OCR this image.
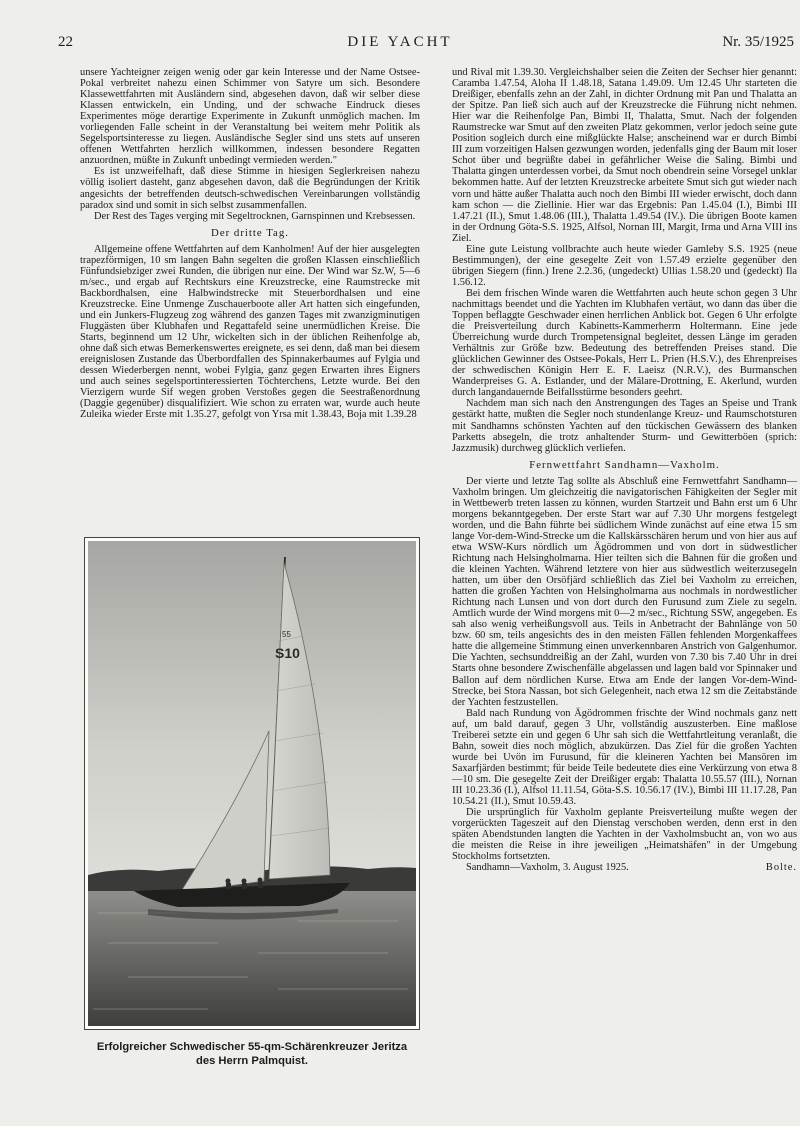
22	DIE YACHT	Nr. 35/1925

unsere Yachteigner zeigen wenig oder gar kein Interesse und der Name Ostsee-Pokal verbreitet nahezu einen Schimmer von Satyre um sich. Besondere Klassewettfahrten mit Ausländern sind, abgesehen davon, daß wir selber diese Klassen entwickeln, ein Unding, und der schwache Eindruck dieses Experimentes möge derartige Experimente in Zukunft unmöglich machen. Im vorliegenden Falle scheint in der Veranstaltung bei weitem mehr Politik als Segelsportsinteresse zu liegen. Ausländische Segler sind uns stets auf unseren offenen Wettfahrten herzlich willkommen, indessen besondere Regatten anzuordnen, müßte in Zukunft unbedingt vermieden werden."

Es ist unzweifelhaft, daß diese Stimme in hiesigen Seglerkreisen nahezu völlig isoliert dasteht, ganz abgesehen davon, daß die Begründungen der Kritik angesichts der betreffenden deutsch-schwedischen Vereinbarungen vollständig paradox sind und somit in sich selbst zusammenfallen.

Der Rest des Tages verging mit Segeltrocknen, Garnspinnen und Krebsessen.

Der dritte Tag.

Allgemeine offene Wettfahrten auf dem Kanholmen! Auf der hier ausgelegten trapezförmigen, 10 sm langen Bahn segelten die großen Klassen einschließlich Fünfundsiebziger zwei Runden, die übrigen nur eine. Der Wind war Sz.W, 5—6 m/sec., und ergab auf Rechtskurs eine Kreuzstrecke, eine Raumstrecke mit Backbordhalsen, eine Halbwindstrecke mit Steuerbordhalsen und eine Kreuzstrecke. Eine Unmenge Zuschauerboote aller Art hatten sich eingefunden, und ein Junkers-Flugzeug zog während des ganzen Tages mit zwanzigminutigen Fluggästen über Klubhafen und Regattafeld seine unermüdlichen Kreise. Die Starts, beginnend um 12 Uhr, wickelten sich in der üblichen Reihenfolge ab, ohne daß sich etwas Bemerkenswertes ereignete, es sei denn, daß man bei diesem ereignislosen Zustande das Überbordfallen des Spinnakerbaumes auf Fylgia und dessen Wiederbergen nennt, wobei Fylgia, ganz gegen Erwarten ihres Eigners und auch seines segelsportinteressierten Töchterchens, Letzte wurde. Bei den Vierzigern wurde Sif wegen groben Verstoßes gegen die Seestraßenordnung (Daggie gegenüber) disqualifiziert. Wie schon zu erraten war, wurde auch heute Zuleika wieder Erste mit 1.35.27, gefolgt von Yrsa mit 1.38.43, Boja mit 1.39.28

55
S10
Erfolgreicher Schwedischer 55-qm-Schärenkreuzer Jeritza
des Herrn Palmquist.

und Rival mit 1.39.30. Vergleichshalber seien die Zeiten der Sechser hier genannt: Caramba 1.47.54, Aloha II 1.48.18, Satana 1.49.09. Um 12.45 Uhr starteten die Dreißiger, ebenfalls zehn an der Zahl, in dichter Ordnung mit Pan und Thalatta an der Spitze. Pan ließ sich auch auf der Kreuzstrecke die Führung nicht nehmen. Hier war die Reihenfolge Pan, Bimbi II, Thalatta, Smut. Nach der folgenden Raumstrecke war Smut auf den zweiten Platz gekommen, verlor jedoch seine gute Position sogleich durch eine mißglückte Halse; anscheinend war er durch Bimbi III zum vorzeitigen Halsen gezwungen worden, jedenfalls ging der Baum mit loser Schot über und begrüßte dabei in gefährlicher Weise die Saling. Bimbi und Thalatta gingen unterdessen vorbei, da Smut noch obendrein seine Vorsegel unklar bekommen hatte. Auf der letzten Kreuzstrecke arbeitete Smut sich gut wieder nach vorn und hätte außer Thalatta auch noch den Bimbi III wieder erwischt, doch dann kam schon — die Ziellinie. Hier war das Ergebnis: Pan 1.45.04 (I.), Bimbi III 1.47.21 (II.), Smut 1.48.06 (III.), Thalatta 1.49.54 (IV.). Die übrigen Boote kamen in der Ordnung Göta-S.S. 1925, Alfsol, Nornan III, Margit, Irma und Arna VIII ins Ziel.

Eine gute Leistung vollbrachte auch heute wieder Gamleby S.S. 1925 (neue Bestimmungen), der eine gesegelte Zeit von 1.57.49 erzielte gegenüber den übrigen Siegern (finn.) Irene 2.2.36, (ungedeckt) Ullias 1.58.20 und (gedeckt) Ila 1.56.12.

Bei dem frischen Winde waren die Wettfahrten auch heute schon gegen 3 Uhr nachmittags beendet und die Yachten im Klubhafen vertäut, wo dann das über die Toppen beflaggte Geschwader einen herrlichen Anblick bot. Gegen 6 Uhr erfolgte die Preisverteilung durch Kabinetts-Kammerherrn Holtermann. Eine jede Überreichung wurde durch Trompetensignal begleitet, dessen Länge im geraden Verhältnis zur Größe bzw. Bedeutung des betreffenden Preises stand. Die glücklichen Gewinner des Ostsee-Pokals, Herr L. Prien (H.S.V.), des Ehrenpreises der schwedischen Königin Herr E. F. Laeisz (N.R.V.), des Burmanschen Wanderpreises G. A. Estlander, und der Mälare-Drottning, E. Akerlund, wurden durch langandauernde Beifallsstürme besonders geehrt.

Nachdem man sich nach den Anstrengungen des Tages an Speise und Trank gestärkt hatte, mußten die Segler noch stundenlange Kreuz- und Raumschotsturen mit Sandhamns schönsten Yachten auf den tückischen Gewässern des blanken Parketts absegeln, die trotz anhaltender Sturm- und Gewitterböen (sprich: Jazzmusik) durchweg glücklich verliefen.

Fernwettfahrt Sandhamn—Vaxholm.

Der vierte und letzte Tag sollte als Abschluß eine Fernwettfahrt Sandhamn—Vaxholm bringen. Um gleichzeitig die navigatorischen Fähigkeiten der Segler mit in Wettbewerb treten lassen zu können, wurden Startzeit und Bahn erst um 6 Uhr morgens bekanntgegeben. Der erste Start war auf 7.30 Uhr morgens festgelegt worden, und die Bahn führte bei südlichem Winde zunächst auf eine etwa 15 sm lange Vor-dem-Wind-Strecke um die Kallskärsschären herum und von hier aus auf etwa WSW-Kurs nördlich um Ägödrommen und von dort in südwestlicher Richtung nach Helsingholmarna. Hier teilten sich die Bahnen für die großen und die kleinen Yachten. Während letztere von hier aus südwestlich weiterzusegeln hatten, um über den Orsöfjärd schließlich das Ziel bei Vaxholm zu erreichen, hatten die großen Yachten von Helsingholmarna aus nochmals in nordwestlicher Richtung nach Lunsen und von dort durch den Furusund zum Ziele zu segeln. Amtlich wurde der Wind morgens mit 0—2 m/sec., Richtung SSW, angegeben. Es sah also wenig verheißungsvoll aus. Teils in Anbetracht der Bahnlänge von 50 bzw. 60 sm, teils angesichts des in den meisten Fällen fehlenden Morgenkaffees hatte die allgemeine Stimmung einen unverkennbaren Anstrich von Galgenhumor. Die Yachten, sechsunddreißig an der Zahl, wurden von 7.30 bis 7.40 Uhr in drei Starts ohne besondere Zwischenfälle abgelassen und lagen bald vor Spinnaker und Ballon auf dem nördlichen Kurse. Etwa am Ende der langen Vor-dem-Wind-Strecke, bei Stora Nassan, bot sich Gelegenheit, nach etwa 12 sm die Zeitabstände der Yachten festzustellen.

Bald nach Rundung von Ägödrommen frischte der Wind nochmals ganz nett auf, um bald darauf, gegen 3 Uhr, vollständig auszusterben. Eine maßlose Treiberei setzte ein und gegen 6 Uhr sah sich die Wettfahrtleitung veranlaßt, die Bahn, soweit dies noch möglich, abzukürzen. Das Ziel für die großen Yachten wurde bei Uvön im Furusund, für die kleineren Yachten bei Mansören im Saxarfjärden bestimmt; für beide Teile bedeutete dies eine Verkürzung von etwa 8—10 sm. Die gesegelte Zeit der Dreißiger ergab: Thalatta 10.55.57 (III.), Nornan III 10.23.36 (I.), Alfsol 11.11.54, Göta-S.S. 10.56.17 (IV.), Bimbi III 11.17.28, Pan 10.54.21 (II.), Smut 10.59.43.

Die ursprünglich für Vaxholm geplante Preisverteilung mußte wegen der vorgerückten Tageszeit auf den Dienstag verschoben werden, denn erst in den späten Abendstunden langten die Yachten in der Vaxholmsbucht an, von wo aus die meisten die Reise in ihre jeweiligen „Heimatshäfen" in der Umgebung Stockholms fortsetzten.

Sandhamn—Vaxholm, 3. August 1925.	Bolte.
